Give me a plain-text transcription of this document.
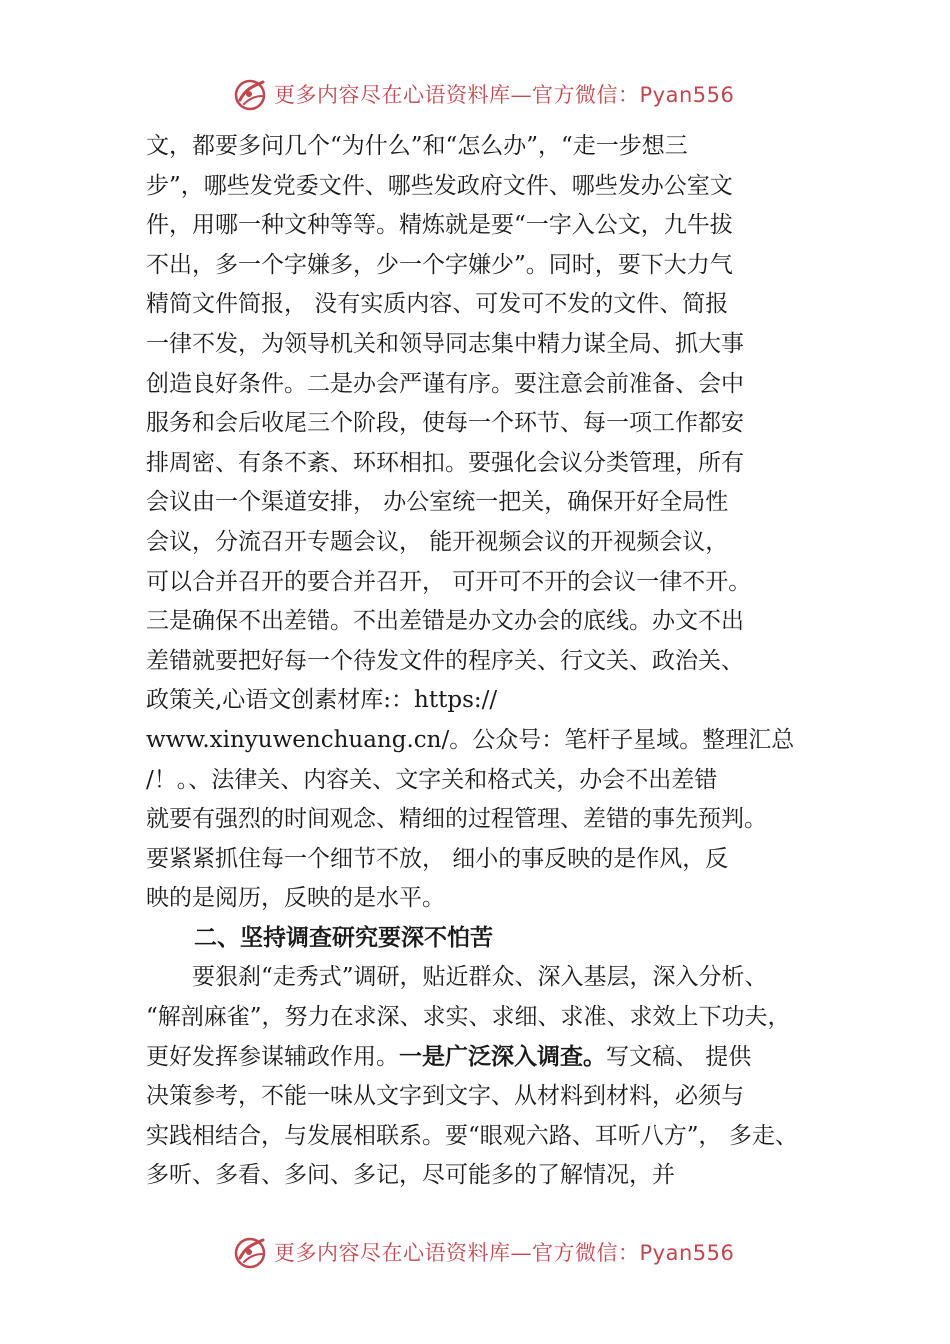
更多内容尽在心语资料库—官方微信：Pyan556
文，都要多问几个“为什么”和“怎么办”，“走一步想三
步”，哪些发党委文件、哪些发政府文件、哪些发办公室文
件，用哪一种文种等等。精炼就是要“一字入公文，九牛拔
不出，多一个字嫌多，少一个字嫌少”。同时，要下大力气
精简文件简报， 没有实质内容、可发可不发的文件、简报
一律不发，为领导机关和领导同志集中精力谋全局、抓大事
创造良好条件。二是办会严谨有序。要注意会前准备、会中
服务和会后收尾三个阶段，使每一个环节、每一项工作都安
排周密、有条不紊、环环相扣。要强化会议分类管理，所有
会议由一个渠道安排， 办公室统一把关，确保开好全局性
会议，分流召开专题会议， 能开视频会议的开视频会议，
可以合并召开的要合并召开， 可开可不开的会议一律不开。
三是确保不出差错。不出差错是办文办会的底线。办文不出
差错就要把好每一个待发文件的程序关、行文关、政治关、
政策关,心语文创素材库:：https://
www.xinyuwenchuang.cn/。公众号：笔杆子星域。整理汇总
/！。、法律关、内容关、文字关和格式关，办会不出差错
就要有强烈的时间观念、精细的过程管理、差错的事先预判。
要紧紧抓住每一个细节不放， 细小的事反映的是作风，反
映的是阅历，反映的是水平。
二、坚持调查研究要深不怕苦
要狠刹“走秀式”调研，贴近群众、深入基层，深入分析、
“解剖麻雀”，努力在求深、求实、求细、求准、求效上下功夫，
更好发挥参谋辅政作用。一是广泛深入调查。写文稿、 提供
决策参考，不能一味从文字到文字、从材料到材料，必须与
实践相结合，与发展相联系。要“眼观六路、耳听八方”， 多走、
多听、多看、多问、多记，尽可能多的了解情况，并
更多内容尽在心语资料库—官方微信：Pyan556
